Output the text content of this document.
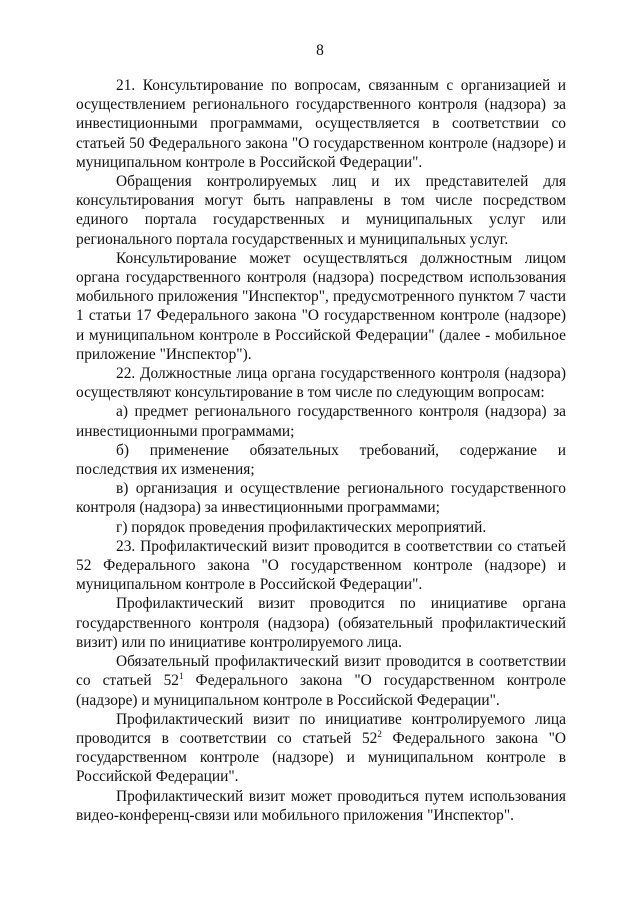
8

21. Консультирование по вопросам, связанным с организацией и осуществлением регионального государственного контроля (надзора) за инвестиционными программами, осуществляется в соответствии со статьей 50 Федерального закона "О государственном контроле (надзоре) и муниципальном контроле в Российской Федерации".

Обращения контролируемых лиц и их представителей для консультирования могут быть направлены в том числе посредством единого портала государственных и муниципальных услуг или регионального портала государственных и муниципальных услуг.

Консультирование может осуществляться должностным лицом органа государственного контроля (надзора) посредством использования мобильного приложения "Инспектор", предусмотренного пунктом 7 части 1 статьи 17 Федерального закона "О государственном контроле (надзоре) и муниципальном контроле в Российской Федерации" (далее - мобильное приложение "Инспектор").

22. Должностные лица органа государственного контроля (надзора) осуществляют консультирование в том числе по следующим вопросам:

а) предмет регионального государственного контроля (надзора) за инвестиционными программами;

б) применение обязательных требований, содержание и последствия их изменения;

в) организация и осуществление регионального государственного контроля (надзора) за инвестиционными программами;

г) порядок проведения профилактических мероприятий.

23. Профилактический визит проводится в соответствии со статьей 52 Федерального закона "О государственном контроле (надзоре) и муниципальном контроле в Российской Федерации".

Профилактический визит проводится по инициативе органа государственного контроля (надзора) (обязательный профилактический визит) или по инициативе контролируемого лица.

Обязательный профилактический визит проводится в соответствии со статьей $52^1$ Федерального закона "О государственном контроле (надзоре) и муниципальном контроле в Российской Федерации".

Профилактический визит по инициативе контролируемого лица проводится в соответствии со статьей $52^2$ Федерального закона "О государственном контроле (надзоре) и муниципальном контроле в Российской Федерации".

Профилактический визит может проводиться путем использования видео-конференц-связи или мобильного приложения "Инспектор".
